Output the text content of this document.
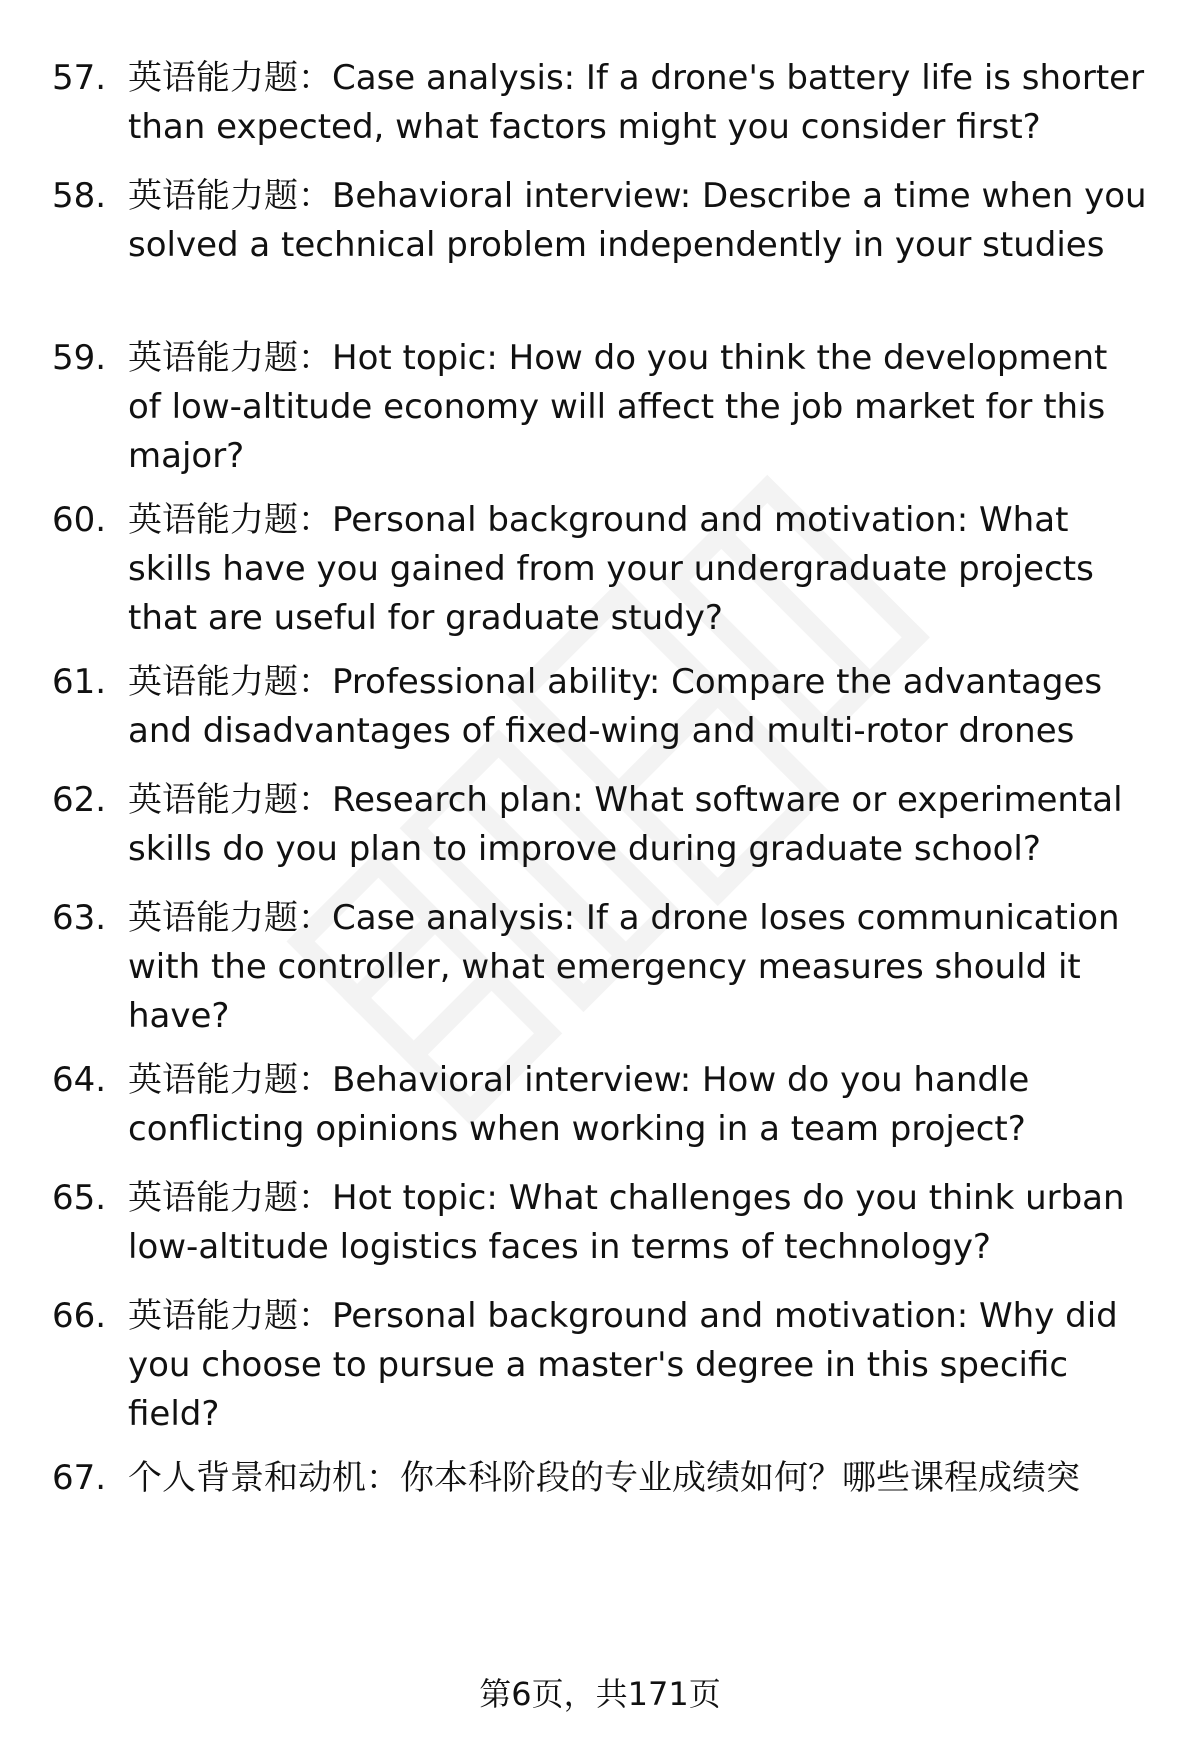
57. 英语能力题：Case analysis: If a drone's battery life is shorter than expected, what factors might you consider first?
58. 英语能力题：Behavioral interview: Describe a time when you solved a technical problem independently in your studies
59. 英语能力题：Hot topic: How do you think the development of low-altitude economy will affect the job market for this major?
60. 英语能力题：Personal background and motivation: What skills have you gained from your undergraduate projects that are useful for graduate study?
61. 英语能力题：Professional ability: Compare the advantages and disadvantages of fixed-wing and multi-rotor drones
62. 英语能力题：Research plan: What software or experimental skills do you plan to improve during graduate school?
63. 英语能力题：Case analysis: If a drone loses communication with the controller, what emergency measures should it have?
64. 英语能力题：Behavioral interview: How do you handle conflicting opinions when working in a team project?
65. 英语能力题：Hot topic: What challenges do you think urban low-altitude logistics faces in terms of technology?
66. 英语能力题：Personal background and motivation: Why did you choose to pursue a master's degree in this specific field?
67. 个人背景和动机：你本科阶段的专业成绩如何？哪些课程成绩突
第6页，共171页
